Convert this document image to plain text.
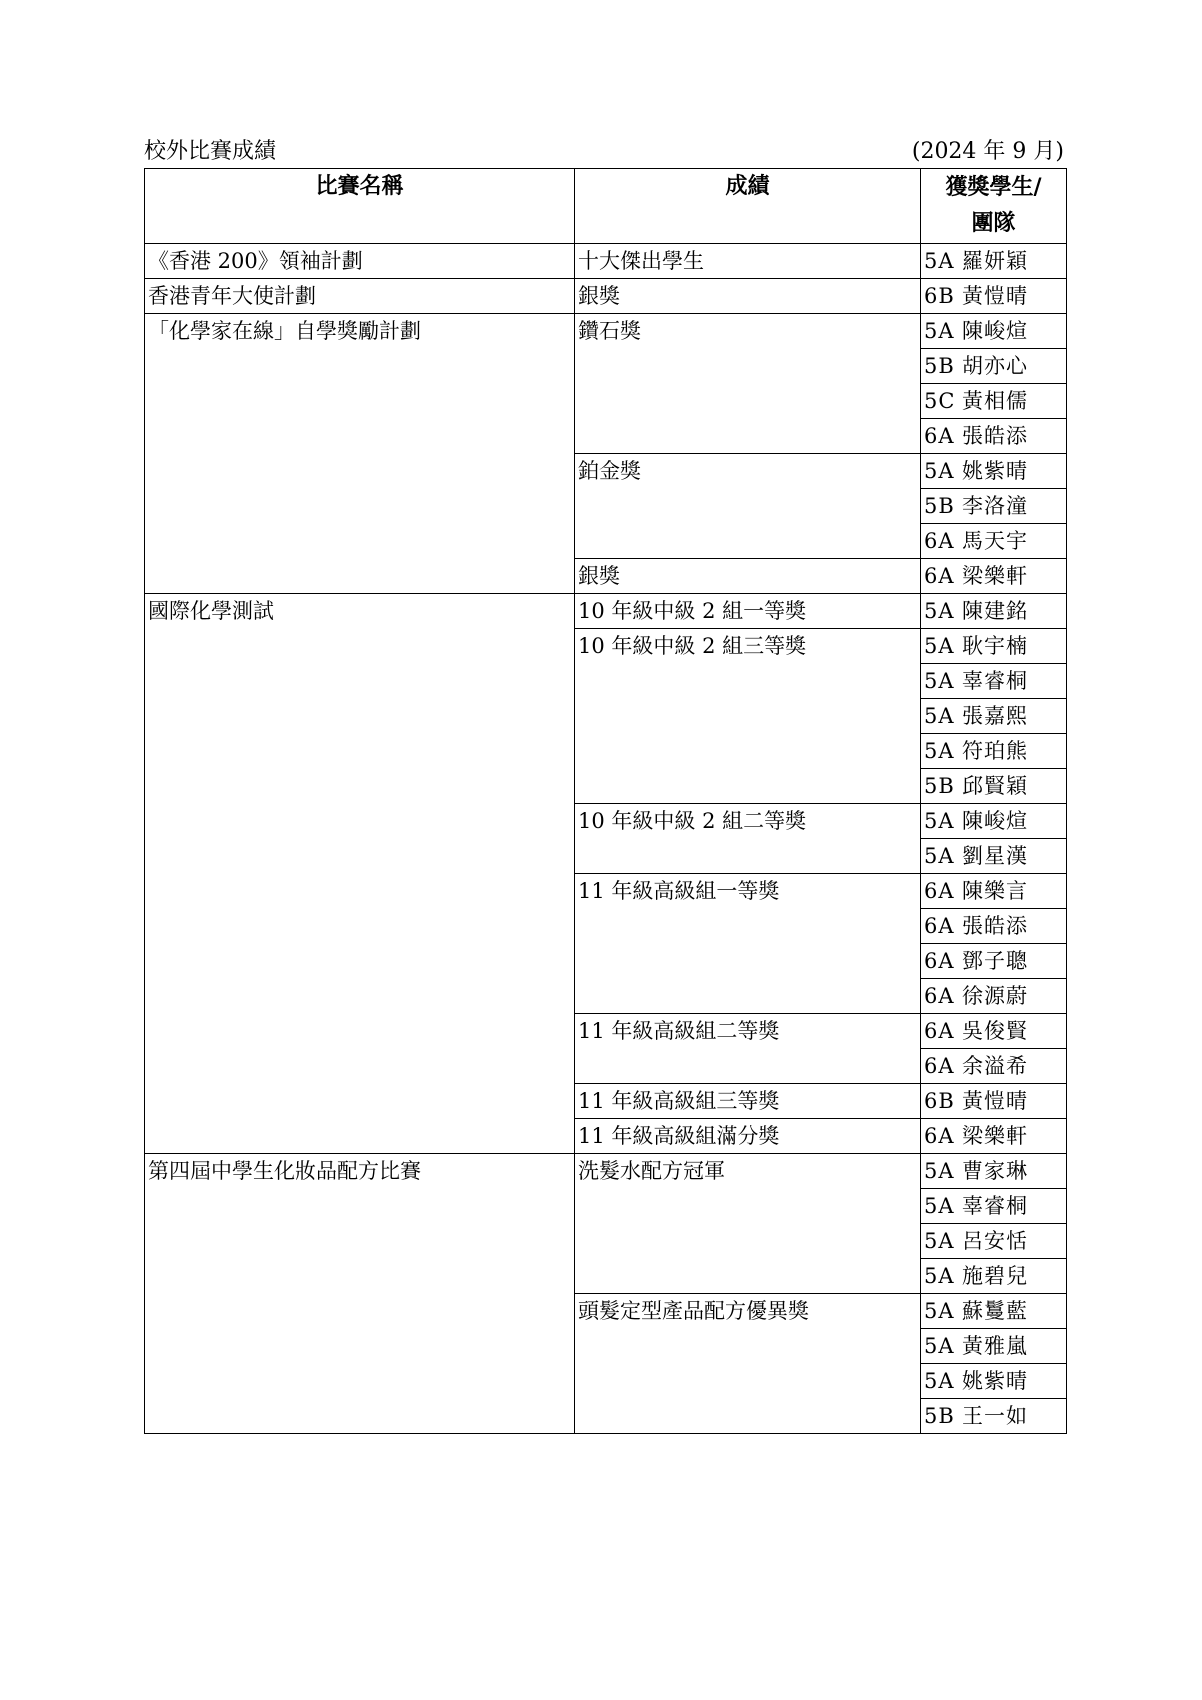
校外比賽成績	(2024 年 9 月)
比賽名稱	成績	獲獎學生/
團隊

《香港 200》領袖計劃	十大傑出學生	5A 羅妍穎
香港青年大使計劃	銀獎	6B 黃愷晴
「化學家在線」自學獎勵計劃	鑽石獎	5A 陳峻煊
		5B 胡亦心
		5C 黃相儒
		6A 張皓添
	鉑金獎	5A 姚紫晴
		5B 李洛潼
		6A 馬天宇
	銀獎	6A 梁樂軒
國際化學測試	10 年級中級 2 組一等獎	5A 陳建銘
	10 年級中級 2 組三等獎	5A 耿宇楠
		5A 辜睿桐
		5A 張嘉熙
		5A 符珀熊
		5B 邱賢穎
	10 年級中級 2 組二等獎	5A 陳峻煊
		5A 劉星漢
	11 年級高級組一等獎	6A 陳樂言
		6A 張皓添
		6A 鄧子聰
		6A 徐源蔚
	11 年級高級組二等獎	6A 吳俊賢
		6A 余溢希
	11 年級高級組三等獎	6B 黃愷晴
	11 年級高級組滿分獎	6A 梁樂軒
第四屆中學生化妝品配方比賽	洗髮水配方冠軍	5A 曹家琳
		5A 辜睿桐
		5A 呂安恬
		5A 施碧兒
	頭髮定型產品配方優異獎	5A 蘇鬘藍
		5A 黃雅嵐
		5A 姚紫晴
		5B 王一如
